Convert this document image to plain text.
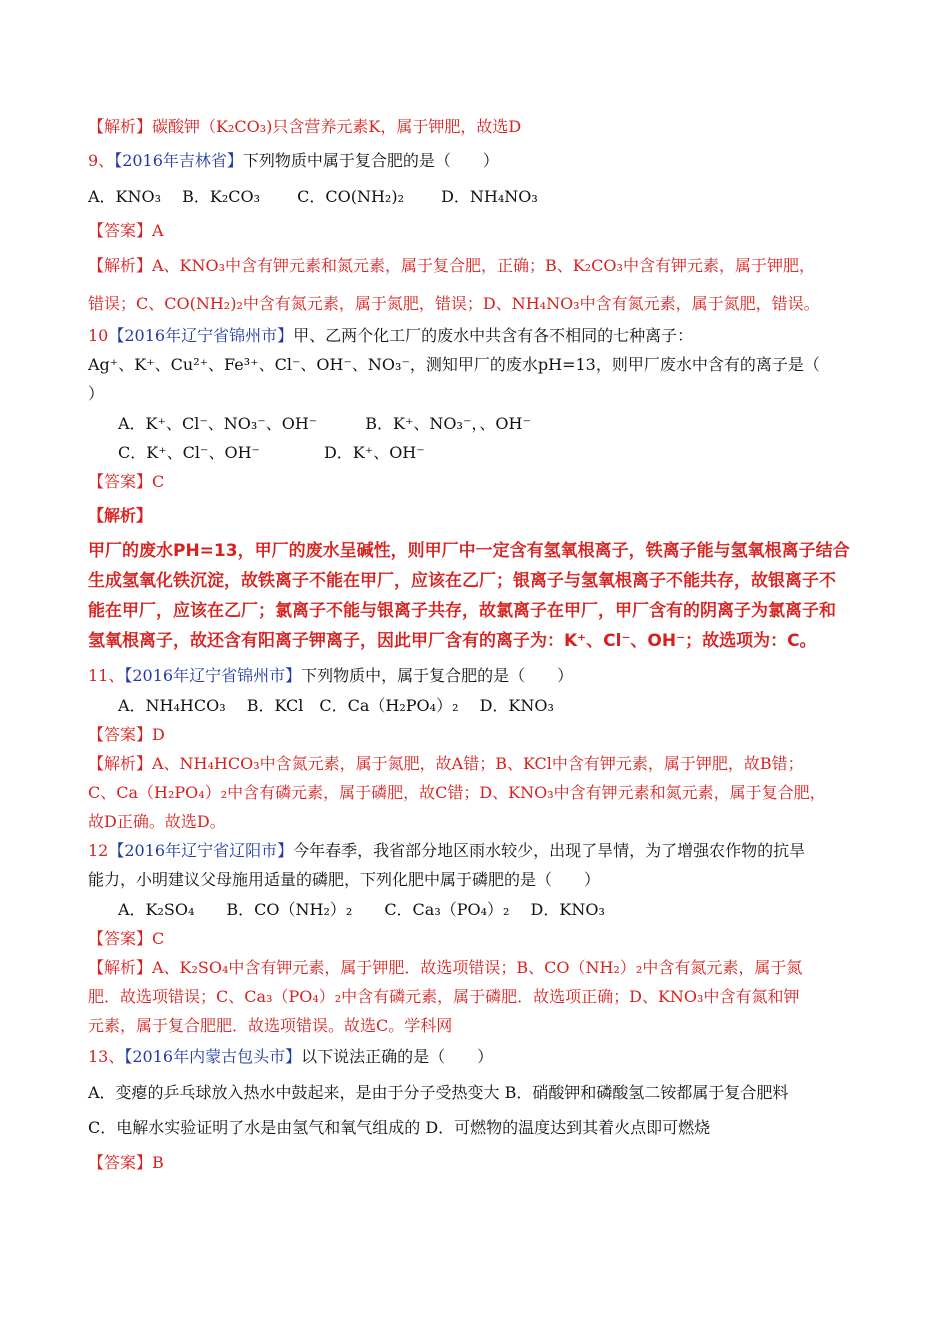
【解析】碳酸钾（K₂CO₃)只含营养元素K，属于钾肥，故选D
9、【2016年吉林省】下列物质中属于复合肥的是（　　）
A．KNO₃　 B．K₂CO₃　　 C．CO(NH₂)₂　　 D．NH₄NO₃
【答案】A
【解析】A、KNO₃中含有钾元素和氮元素，属于复合肥，正确；B、K₂CO₃中含有钾元素，属于钾肥，
错误；C、CO(NH₂)₂中含有氮元素，属于氮肥，错误；D、NH₄NO₃中含有氮元素，属于氮肥，错误。
10【2016年辽宁省锦州市】甲、乙两个化工厂的废水中共含有各不相同的七种离子：
Ag⁺、K⁺、Cu²⁺、Fe³⁺、Cl⁻、OH⁻、NO₃⁻，测知甲厂的废水pH=13，则甲厂废水中含有的离子是（
）
A．K⁺、Cl⁻、NO₃⁻、OH⁻　　　B．K⁺、NO₃⁻，、OH⁻
C．K⁺、Cl⁻、OH⁻　　　　D．K⁺、OH⁻
【答案】C
【解析】
甲厂的废水PH=13，甲厂的废水呈碱性，则甲厂中一定含有氢氧根离子，铁离子能与氢氧根离子结合
生成氢氧化铁沉淀，故铁离子不能在甲厂，应该在乙厂；银离子与氢氧根离子不能共存，故银离子不
能在甲厂，应该在乙厂；氯离子不能与银离子共存，故氯离子在甲厂，甲厂含有的阴离子为氯离子和
氢氧根离子，故还含有阳离子钾离子，因此甲厂含有的离子为：K⁺、Cl⁻、OH⁻；故选项为：C。
11、【2016年辽宁省锦州市】下列物质中，属于复合肥的是（　　）
A．NH₄HCO₃　 B．KCl　C．Ca（H₂PO₄）₂　 D．KNO₃
【答案】D
【解析】A、NH₄HCO₃中含氮元素，属于氮肥，故A错；B、KCl中含有钾元素，属于钾肥，故B错；
C、Ca（H₂PO₄）₂中含有磷元素，属于磷肥，故C错；D、KNO₃中含有钾元素和氮元素，属于复合肥，
故D正确。故选D。
12【2016年辽宁省辽阳市】今年春季，我省部分地区雨水较少，出现了旱情，为了增强农作物的抗旱
能力，小明建议父母施用适量的磷肥，下列化肥中属于磷肥的是（　　）
A．K₂SO₄　　B．CO（NH₂）₂　　C．Ca₃（PO₄）₂　 D．KNO₃
【答案】C
【解析】A、K₂SO₄中含有钾元素，属于钾肥．故选项错误；B、CO（NH₂）₂中含有氮元素，属于氮
肥．故选项错误；C、Ca₃（PO₄）₂中含有磷元素，属于磷肥．故选项正确；D、KNO₃中含有氮和钾
元素，属于复合肥肥．故选项错误。故选C。学科网
13、【2016年内蒙古包头市】以下说法正确的是（　　）
A．变瘪的乒乓球放入热水中鼓起来，是由于分子受热变大 B．硝酸钾和磷酸氢二铵都属于复合肥料
C．电解水实验证明了水是由氢气和氧气组成的 D．可燃物的温度达到其着火点即可燃烧
【答案】B
